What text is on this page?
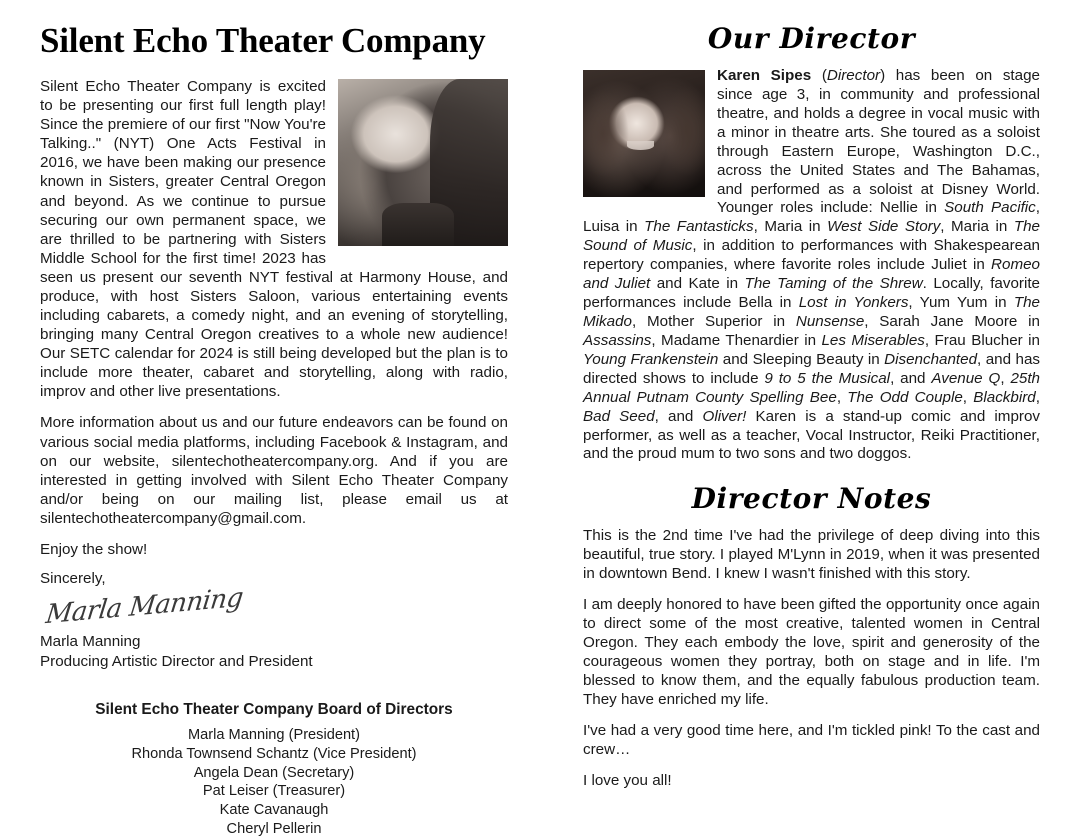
Silent Echo Theater Company

Silent Echo Theater Company is excited to be presenting our first full length play! Since the premiere of our first "Now You're Talking.." (NYT) One Acts Festival in 2016, we have been making our presence known in Sisters, greater Central Oregon and beyond. As we continue to pursue securing our own permanent space, we are thrilled to be partnering with Sisters Middle School for the first time! 2023 has seen us present our seventh NYT festival at Harmony House, and produce, with host Sisters Saloon, various entertaining events including cabarets, a comedy night, and an evening of storytelling, bringing many Central Oregon creatives to a whole new audience! Our SETC calendar for 2024 is still being developed but the plan is to include more theater, cabaret and storytelling, along with radio, improv and other live presentations.

More information about us and our future endeavors can be found on various social media platforms, including Facebook & Instagram, and on our website, silentechotheatercompany.org. And if you are interested in getting involved with Silent Echo Theater Company and/or being on our mailing list, please email us at silentechotheatercompany@gmail.com.

Enjoy the show!

Sincerely,

Marla Manning

Marla Manning

Producing Artistic Director and President

Silent Echo Theater Company Board of Directors
Marla Manning (President)
Rhonda Townsend Schantz (Vice President)
Angela Dean (Secretary)
Pat Leiser (Treasurer)
Kate Cavanaugh
Cheryl Pellerin
Our Director

Karen Sipes (Director) has been on stage since age 3, in community and professional theatre, and holds a degree in vocal music with a minor in theatre arts. She toured as a soloist through Eastern Europe, Washington D.C., across the United States and The Bahamas, and performed as a soloist at Disney World. Younger roles include: Nellie in South Pacific, Luisa in The Fantasticks, Maria in West Side Story, Maria in The Sound of Music, in addition to performances with Shakespearean repertory companies, where favorite roles include Juliet in Romeo and Juliet and Kate in The Taming of the Shrew. Locally, favorite performances include Bella in Lost in Yonkers, Yum Yum in The Mikado, Mother Superior in Nunsense, Sarah Jane Moore in Assassins, Madame Thenardier in Les Miserables, Frau Blucher in Young Frankenstein and Sleeping Beauty in Disenchanted, and has directed shows to include 9 to 5 the Musical, and Avenue Q, 25th Annual Putnam County Spelling Bee, The Odd Couple, Blackbird, Bad Seed, and Oliver! Karen is a stand-up comic and improv performer, as well as a teacher, Vocal Instructor, Reiki Practitioner, and the proud mum to two sons and two doggos.

Director Notes

This is the 2nd time I've had the privilege of deep diving into this beautiful, true story. I played M'Lynn in 2019, when it was presented in downtown Bend. I knew I wasn't finished with this story.

I am deeply honored to have been gifted the opportunity once again to direct some of the most creative, talented women in Central Oregon. They each embody the love, spirit and generosity of the courageous women they portray, both on stage and in life. I'm blessed to know them, and the equally fabulous production team. They have enriched my life.

I've had a very good time here, and I'm tickled pink! To the cast and crew…

I love you all!
